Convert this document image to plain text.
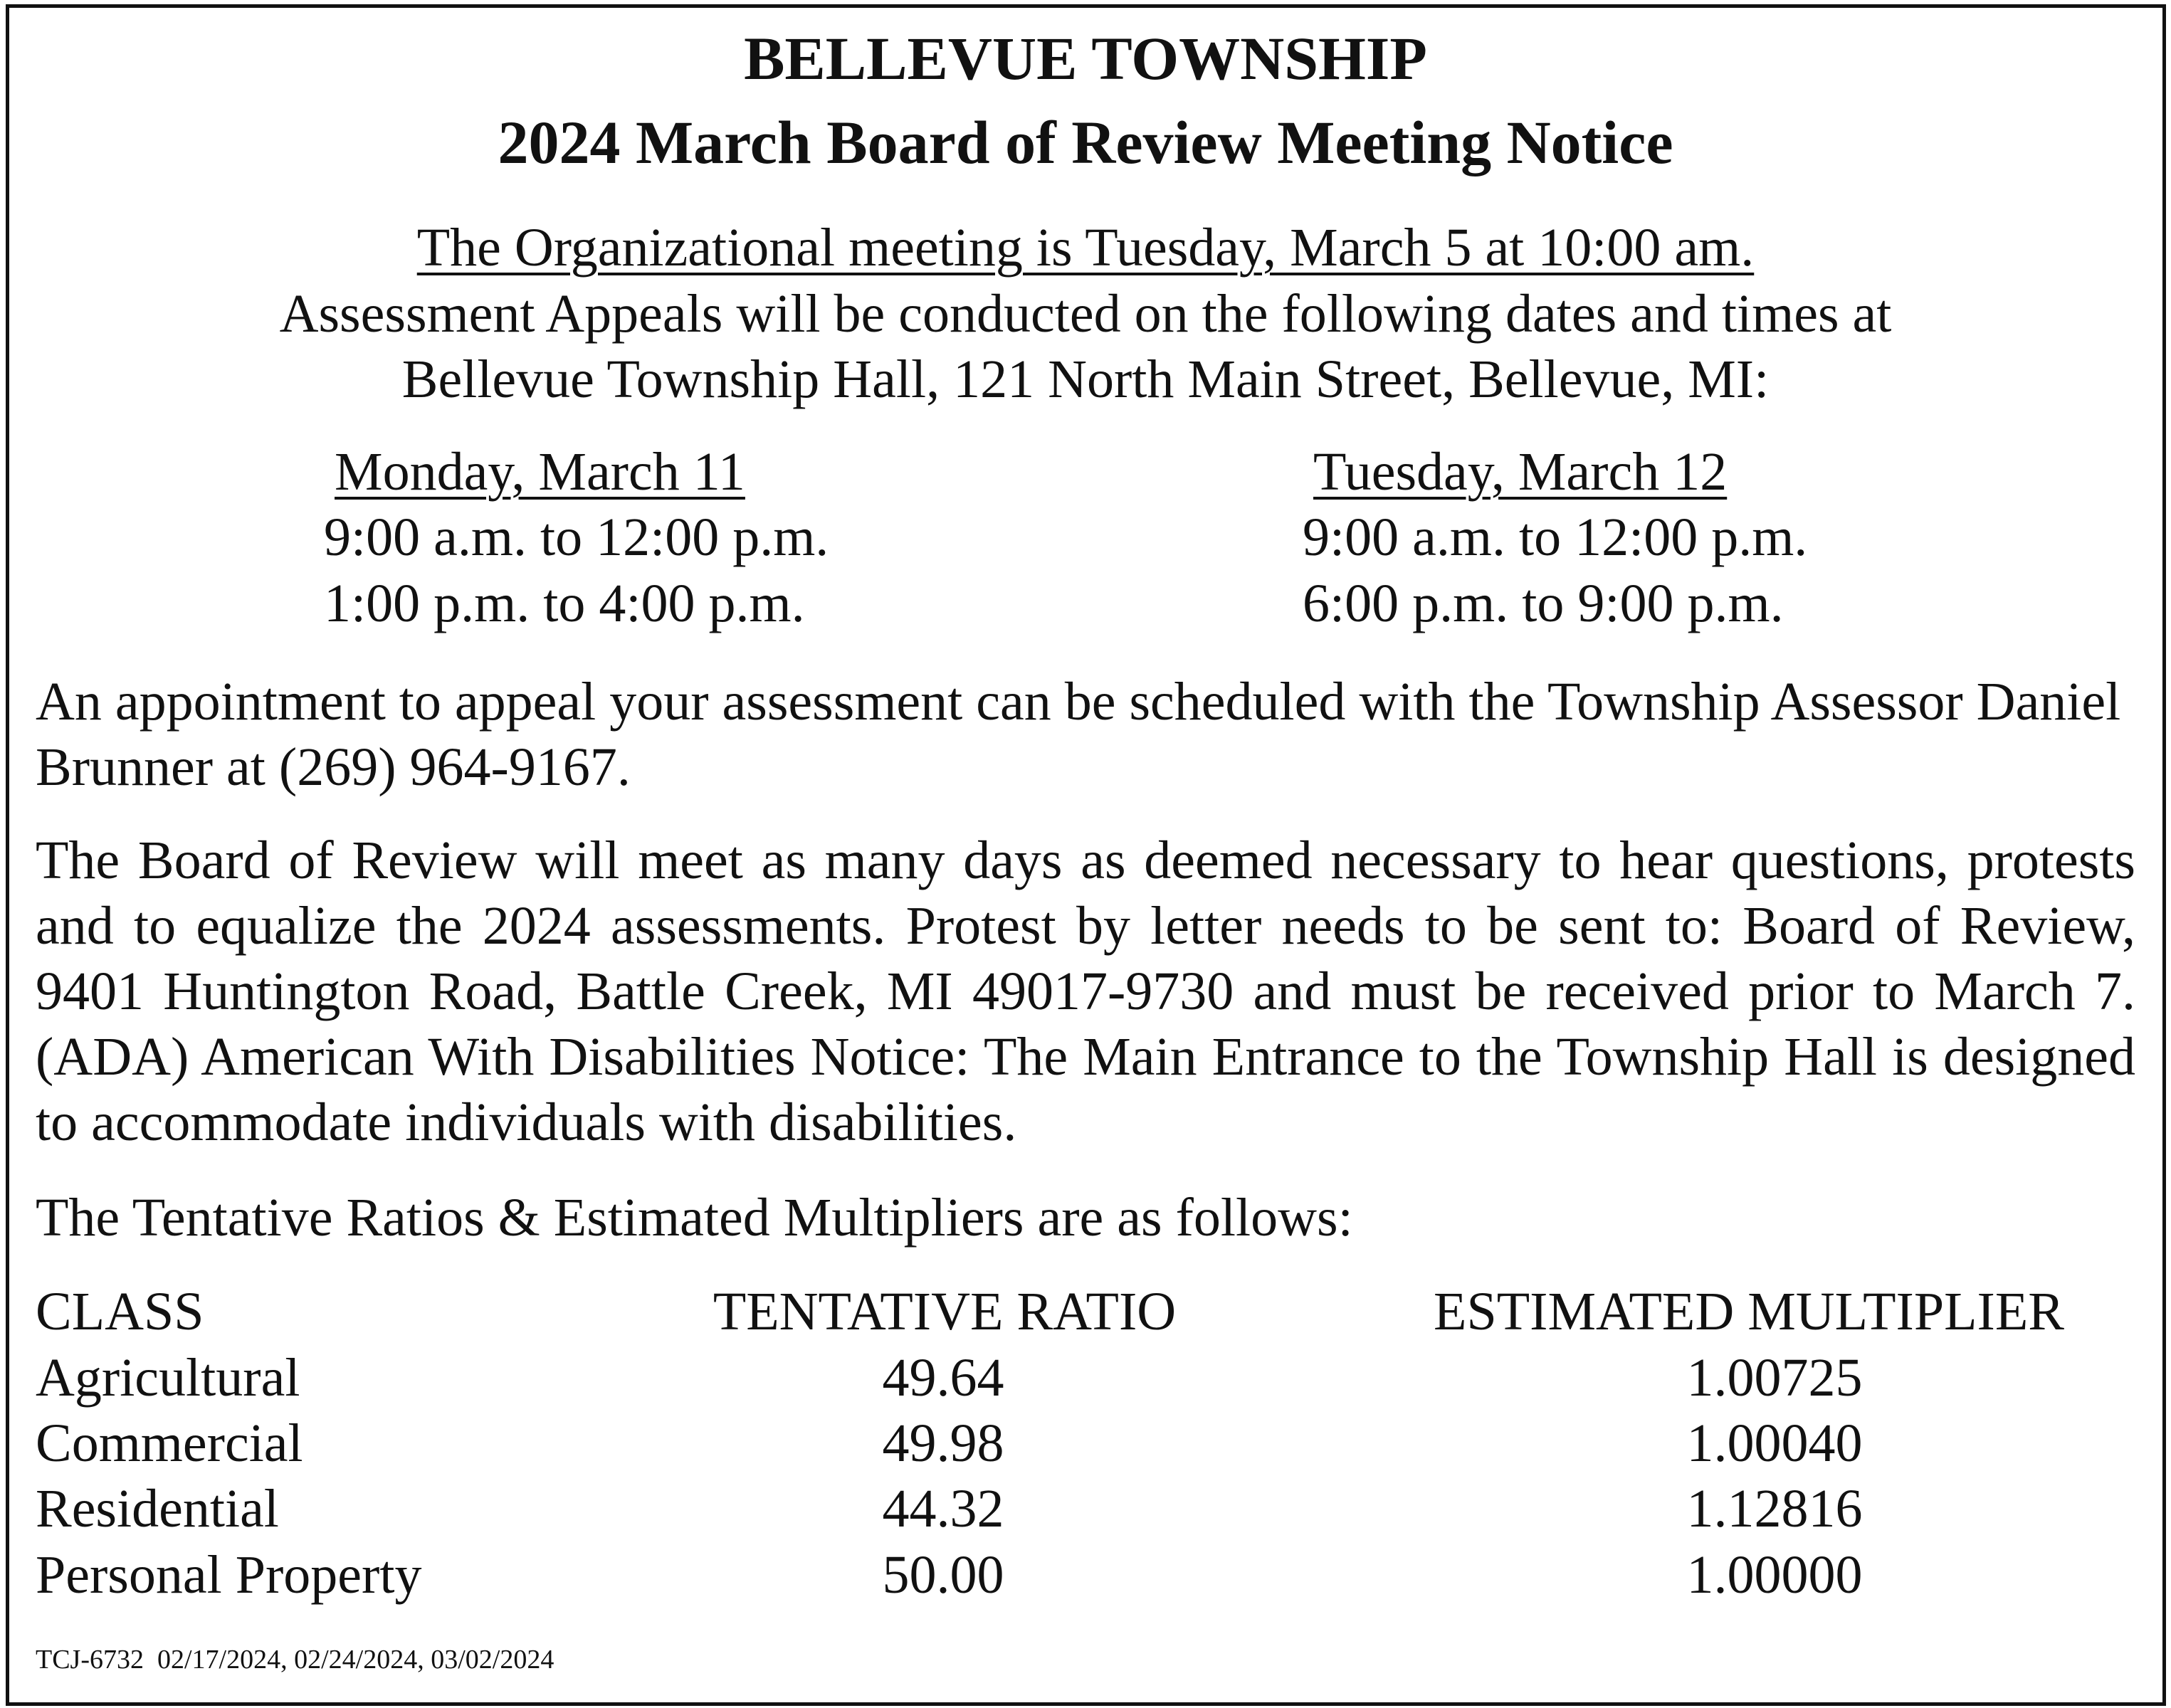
BELLEVUE TOWNSHIP
2024 March Board of Review Meeting Notice
The Organizational meeting is Tuesday, March 5 at 10:00 am.
Assessment Appeals will be conducted on the following dates and times at
Bellevue Township Hall, 121 North Main Street, Bellevue, MI:
Monday, March 11
9:00 a.m. to 12:00 p.m.
1:00 p.m. to 4:00 p.m.
Tuesday, March 12
9:00 a.m. to 12:00 p.m.
6:00 p.m. to 9:00 p.m.
An appointment to appeal your assessment can be scheduled with the Township Assessor Daniel Brunner at (269) 964-9167.
The Board of Review will meet as many days as deemed necessary to hear questions, protests and to equalize the 2024 assessments. Protest by letter needs to be sent to: Board of Review, 9401 Huntington Road, Battle Creek, MI 49017-9730 and must be received prior to March 7. (ADA) American With Disabilities Notice: The Main Entrance to the Township Hall is designed to accommodate individuals with disabilities.
The Tentative Ratios & Estimated Multipliers are as follows:
CLASS	TENTATIVE RATIO	ESTIMATED MULTIPLIER
Agricultural	49.64	1.00725
Commercial	49.98	1.00040
Residential	44.32	1.12816
Personal Property	50.00	1.00000
TCJ-6732  02/17/2024, 02/24/2024, 03/02/2024
